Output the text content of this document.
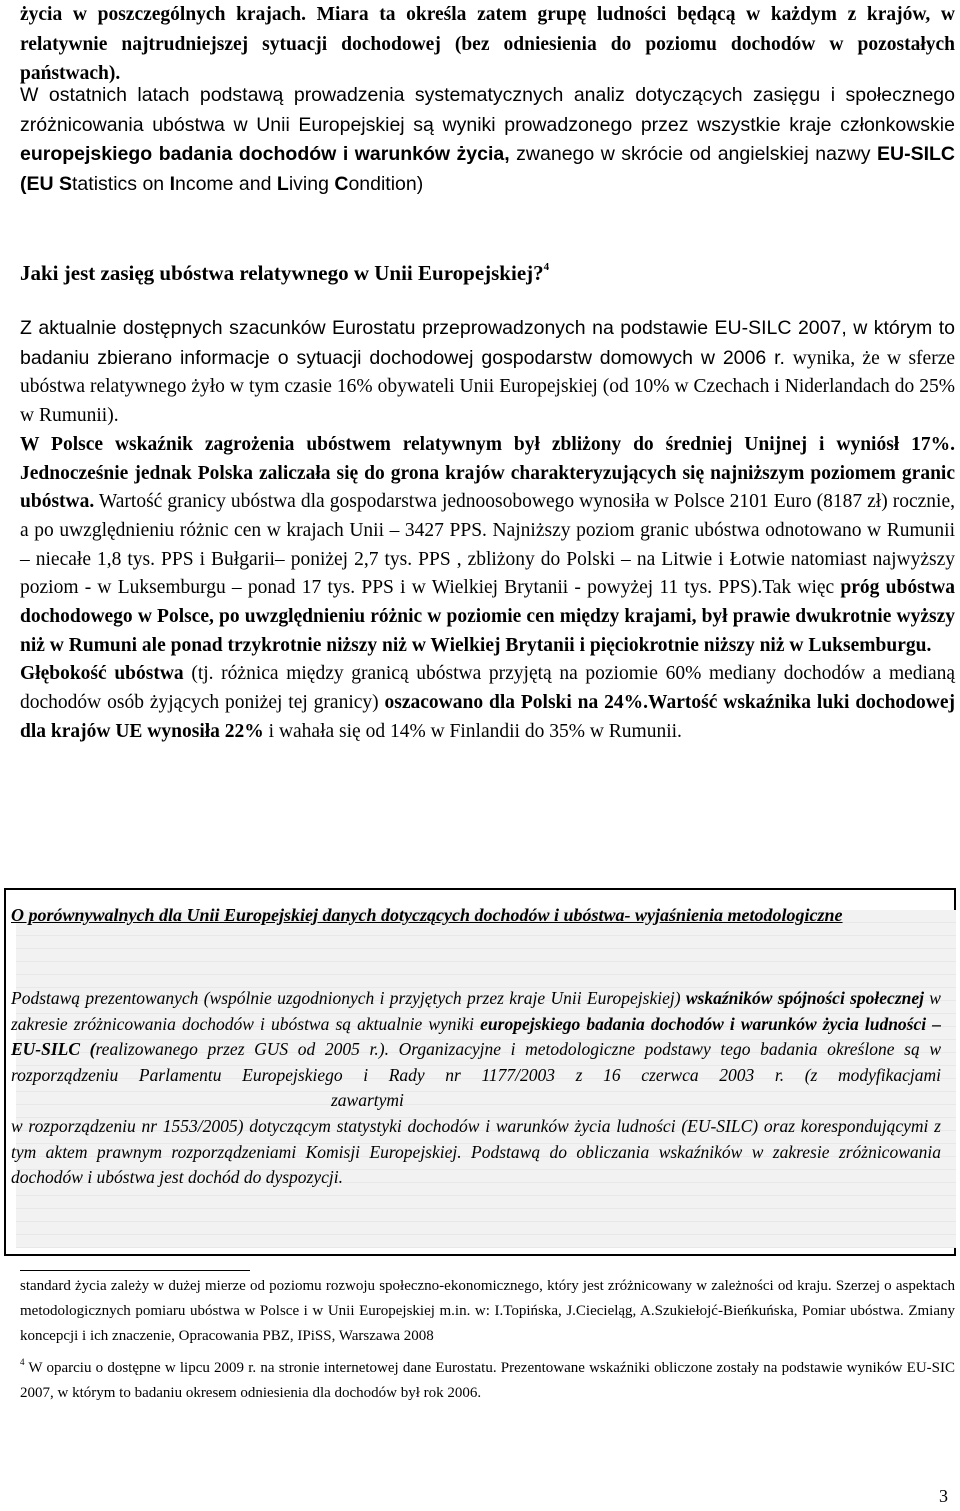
życia w poszczególnych krajach. Miara ta określa zatem grupę ludności będącą w każdym z krajów, w relatywnie najtrudniejszej sytuacji dochodowej (bez odniesienia do poziomu dochodów w pozostałych państwach).
W ostatnich latach podstawą prowadzenia systematycznych analiz dotyczących zasięgu i społecznego zróżnicowania ubóstwa w Unii Europejskiej są wyniki prowadzonego przez wszystkie kraje członkowskie europejskiego badania dochodów i warunków życia, zwanego w skrócie od angielskiej nazwy EU-SILC (EU Statistics on Income and Living Condition)
Jaki jest zasięg ubóstwa relatywnego w Unii Europejskiej?$^4$
Z aktualnie dostępnych szacunków Eurostatu przeprowadzonych na podstawie EU-SILC 2007, w którym to badaniu zbierano informacje o sytuacji dochodowej gospodarstw domowych w 2006 r. wynika, że w sferze ubóstwa relatywnego żyło w tym czasie 16% obywateli Unii Europejskiej (od 10% w Czechach i Niderlandach do 25% w Rumunii).
W Polsce wskaźnik zagrożenia ubóstwem relatywnym był zbliżony do średniej Unijnej i wyniósł 17%. Jednocześnie jednak Polska zaliczała się do grona krajów charakteryzujących się najniższym poziomem granic ubóstwa. Wartość granicy ubóstwa dla gospodarstwa jednoosobowego wynosiła w Polsce 2101 Euro (8187 zł) rocznie, a po uwzględnieniu różnic cen w krajach Unii – 3427 PPS. Najniższy poziom granic ubóstwa odnotowano w Rumunii – niecałe 1,8 tys. PPS i Bułgarii– poniżej 2,7 tys. PPS , zbliżony do Polski – na Litwie i Łotwie natomiast najwyższy poziom - w Luksemburgu – ponad 17 tys. PPS i w Wielkiej Brytanii - powyżej 11 tys. PPS).Tak więc próg ubóstwa dochodowego w Polsce, po uwzględnieniu różnic w poziomie cen między krajami, był prawie dwukrotnie wyższy niż w Rumuni ale ponad trzykrotnie niższy niż w Wielkiej Brytanii i pięciokrotnie niższy niż w Luksemburgu.
Głębokość ubóstwa (tj. różnica między granicą ubóstwa przyjętą na poziomie 60% mediany dochodów a medianą dochodów osób żyjących poniżej tej granicy) oszacowano dla Polski na 24%.Wartość wskaźnika luki dochodowej dla krajów UE wynosiła 22% i wahała się od 14% w Finlandii do 35% w Rumunii.
O porównywalnych dla Unii Europejskiej danych dotyczących dochodów i ubóstwa- wyjaśnienia metodologiczne
Podstawą prezentowanych (wspólnie uzgodnionych i przyjętych przez kraje Unii Europejskiej) wskaźników spójności społecznej w zakresie zróżnicowania dochodów i ubóstwa są aktualnie wyniki europejskiego badania dochodów i warunków życia ludności – EU-SILC (realizowanego przez GUS od 2005 r.). Organizacyjne i metodologiczne podstawy tego badania określone są w rozporządzeniu Parlamentu Europejskiego i Rady nr 1177/2003 z 16 czerwca 2003 r. (z modyfikacjamizawartymi
w rozporządzeniu nr 1553/2005) dotyczącym statystyki dochodów i warunków życia ludności (EU-SILC) oraz korespondującymi z tym aktem prawnym rozporządzeniami Komisji Europejskiej. Podstawą do obliczania wskaźników w zakresie zróżnicowania dochodów i ubóstwa jest dochód do dyspozycji.
standard życia zależy w dużej mierze od poziomu rozwoju społeczno-ekonomicznego, który jest zróżnicowany w zależności od kraju. Szerzej o aspektach metodologicznych pomiaru ubóstwa w Polsce i w Unii Europejskiej m.in. w: I.Topińska, J.Cieciеląg, A.Szukiełojć-Bieńkuńska, Pomiar ubóstwa. Zmiany koncepcji i ich znaczenie, Opracowania PBZ, IPiSS, Warszawa 2008
$^4$ W oparciu o dostępne w lipcu 2009 r. na stronie internetowej dane Eurostatu. Prezentowane wskaźniki obliczone zostały na podstawie wyników EU-SIC 2007, w którym to badaniu okresem odniesienia dla dochodów był rok 2006.
3
